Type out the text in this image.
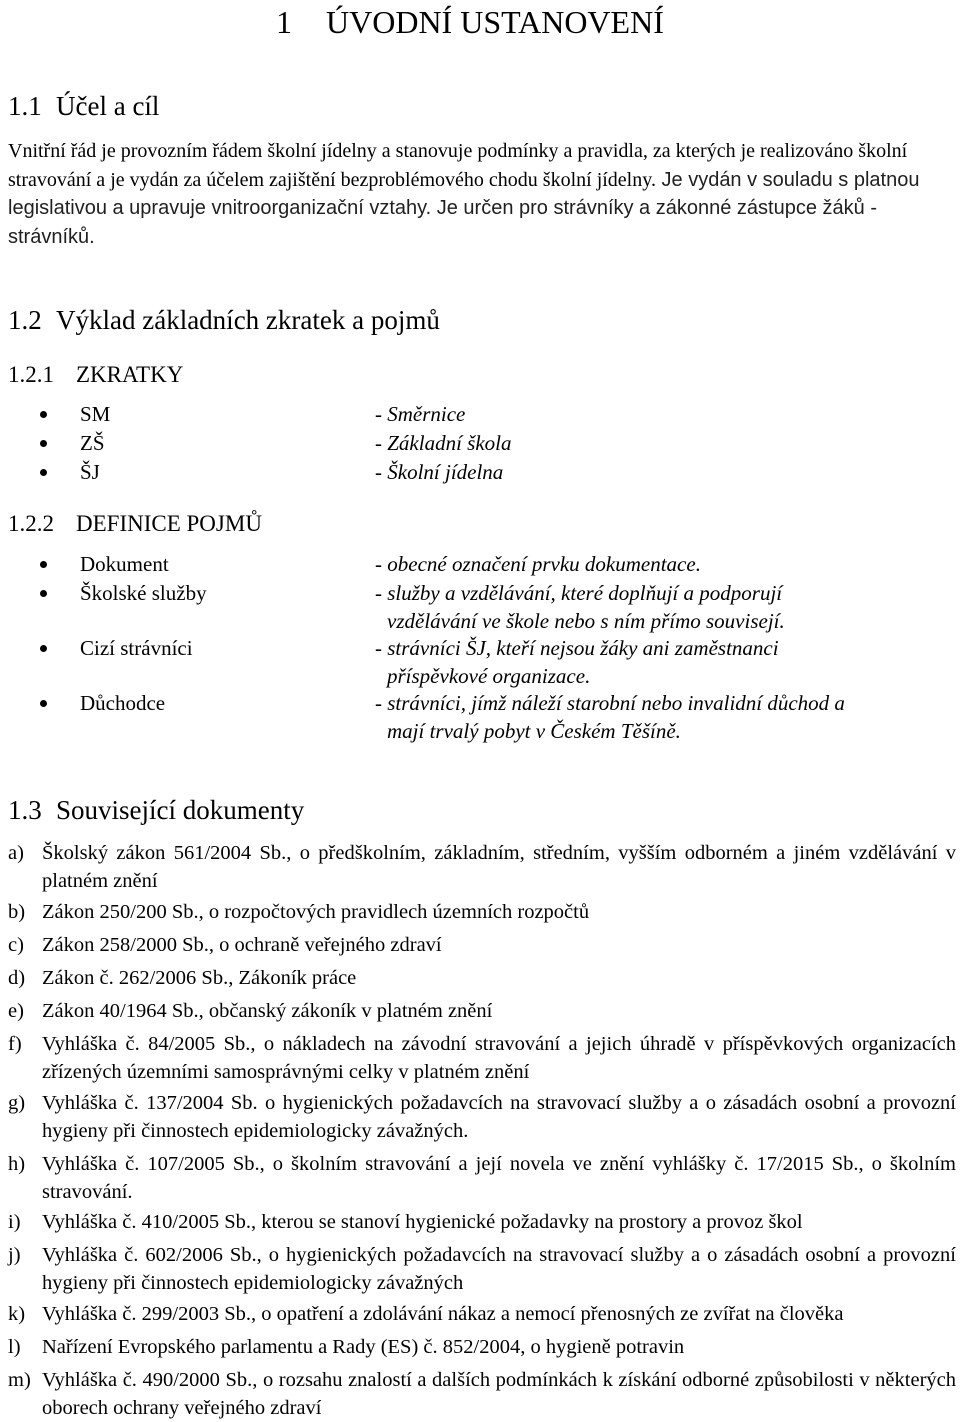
1 ÚVODNÍ USTANOVENÍ
1.1 Účel a cíl

Vnitřní řád je provozním řádem školní jídelny a stanovuje podmínky a pravidla, za kterých je realizováno školní stravování a je vydán za účelem zajištění bezproblémového chodu školní jídelny. Je vydán v souladu s platnou legislativou a upravuje vnitroorganizační vztahy. Je určen pro strávníky a zákonné zástupce žáků - strávníků.

1.2 Výklad základních zkratek a pojmů
1.2.1 ZKRATKY
SM	- Směrnice
ZŠ	- Základní škola
ŠJ	- Školní jídelna
1.2.2 DEFINICE POJMŮ
Dokument	- obecné označení prvku dokumentace.
Školské služby	- služby a vzdělávání, které doplňují a podporují
vzdělávání ve škole nebo s ním přímo souvisejí.
Cizí strávníci	- strávníci ŠJ, kteří nejsou žáky ani zaměstnanci
příspěvkové organizace.
Důchodce	- strávníci, jímž náleží starobní nebo invalidní důchod a
mají trvalý pobyt v Českém Těšíně.
1.3 Související dokumenty
a) Školský zákon 561/2004 Sb., o předškolním, základním, středním, vyšším odborném a jiném vzdělávání v platném znění
b) Zákon 250/200 Sb., o rozpočtových pravidlech územních rozpočtů
c) Zákon 258/2000 Sb., o ochraně veřejného zdraví
d) Zákon č. 262/2006 Sb., Zákoník práce
e) Zákon 40/1964 Sb., občanský zákoník v platném znění
f) Vyhláška č. 84/2005 Sb., o nákladech na závodní stravování a jejich úhradě v příspěvkových organizacích zřízených územními samosprávnými celky v platném znění
g) Vyhláška č. 137/2004 Sb. o hygienických požadavcích na stravovací služby a o zásadách osobní a provozní hygieny při činnostech epidemiologicky závažných.
h) Vyhláška č. 107/2005 Sb., o školním stravování a její novela ve znění vyhlášky č. 17/2015 Sb., o školním stravování.
i) Vyhláška č. 410/2005 Sb., kterou se stanoví hygienické požadavky na prostory a provoz škol
j) Vyhláška č. 602/2006 Sb., o hygienických požadavcích na stravovací služby a o zásadách osobní a provozní hygieny při činnostech epidemiologicky závažných
k) Vyhláška č. 299/2003 Sb., o opatření a zdolávání nákaz a nemocí přenosných ze zvířat na člověka
l) Nařízení Evropského parlamentu a Rady (ES) č. 852/2004, o hygieně potravin
m) Vyhláška č. 490/2000 Sb., o rozsahu znalostí a dalších podmínkách k získání odborné způsobilosti v některých oborech ochrany veřejného zdraví
